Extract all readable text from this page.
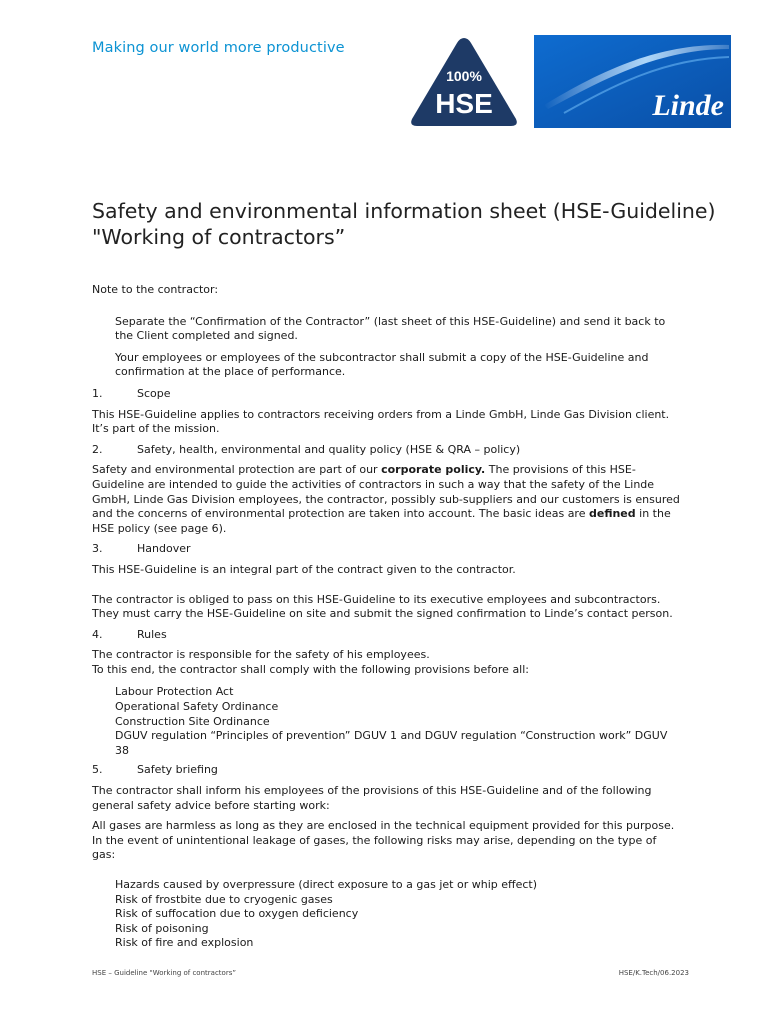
Making our world more productive
100%
HSE	Linde
Safety and environmental information sheet (HSE-Guideline)
"Working of contractors”

Note to the contractor:

Separate the “Confirmation of the Contractor” (last sheet of this HSE-Guideline) and send it back to the Client completed and signed.

Your employees or employees of the subcontractor shall submit a copy of the HSE-Guideline and confirmation at the place of performance.

1.	Scope

This HSE-Guideline applies to contractors receiving orders from a Linde GmbH, Linde Gas Division client. It’s part of the mission.

2.	Safety, health, environmental and quality policy (HSE & QRA – policy)

Safety and environmental protection are part of our corporate policy. The provisions of this HSE-Guideline are intended to guide the activities of contractors in such a way that the safety of the Linde GmbH, Linde Gas Division employees, the contractor, possibly sub-suppliers and our customers is ensured and the concerns of environmental protection are taken into account. The basic ideas are defined in the HSE policy (see page 6).

3.	Handover

This HSE-Guideline is an integral part of the contract given to the contractor.

The contractor is obliged to pass on this HSE-Guideline to its executive employees and subcontractors. They must carry the HSE-Guideline on site and submit the signed confirmation to Linde’s contact person.

4.	Rules

The contractor is responsible for the safety of his employees.

To this end, the contractor shall comply with the following provisions before all:

Labour Protection Act
Operational Safety Ordinance
Construction Site Ordinance
DGUV regulation “Principles of prevention” DGUV 1 and DGUV regulation “Construction work” DGUV 38
5.	Safety briefing

The contractor shall inform his employees of the provisions of this HSE-Guideline and of the following general safety advice before starting work:

All gases are harmless as long as they are enclosed in the technical equipment provided for this purpose. In the event of unintentional leakage of gases, the following risks may arise, depending on the type of gas:

Hazards caused by overpressure (direct exposure to a gas jet or whip effect)
Risk of frostbite due to cryogenic gases
Risk of suffocation due to oxygen deficiency
Risk of poisoning
Risk of fire and explosion
HSE – Guideline "Working of contractors”	HSE/K.Tech/06.2023
